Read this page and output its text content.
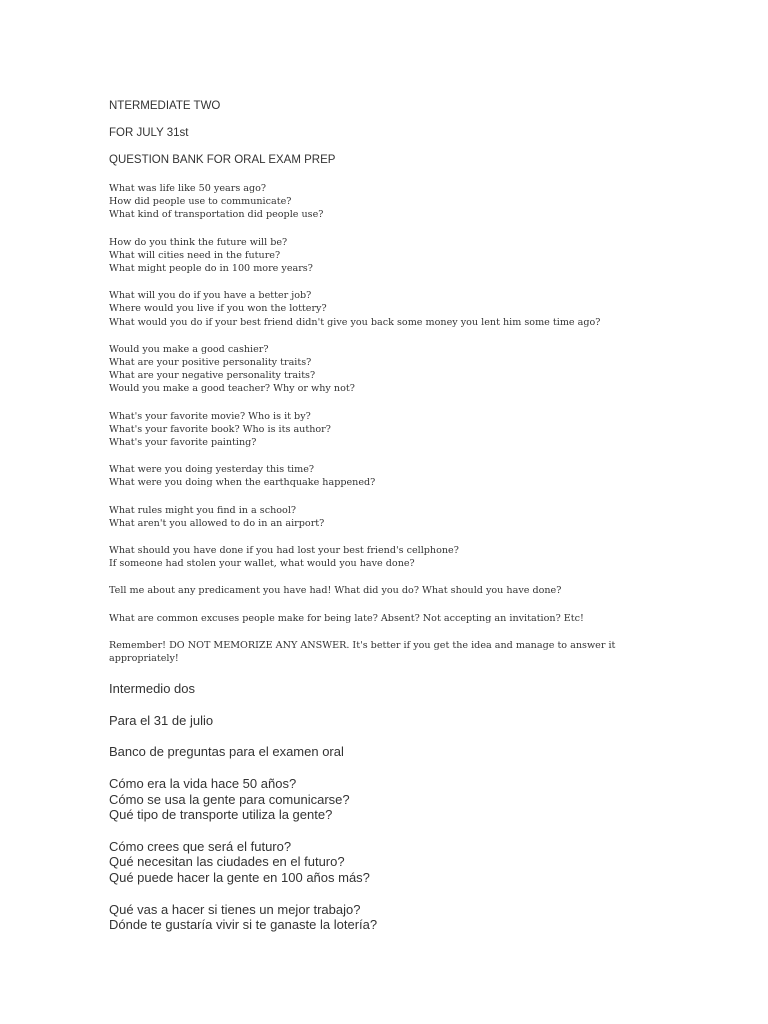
NTERMEDIATE TWO
FOR JULY 31st
QUESTION BANK FOR ORAL EXAM PREP
What was life like 50 years ago?
How did people use to communicate?
What kind of transportation did people use?
How do you think the future will be?
What will cities need in the future?
What might people do in 100 more years?
What will you do if you have a better job?
Where would you live if you won the lottery?
What would you do if your best friend didn't give you back some money you lent him some time ago?
Would you make a good cashier?
What are your positive personality traits?
What are your negative personality traits?
Would you make a good teacher? Why or why not?
What's your favorite movie? Who is it by?
What's your favorite book? Who is its author?
What's your favorite painting?
What were you doing yesterday this time?
What were you doing when the earthquake happened?
What rules might you find in a school?
What aren't you allowed to do in an airport?
What should you have done if you had lost your best friend's cellphone?
If someone had stolen your wallet, what would you have done?
Tell me about any predicament you have had! What did you do? What should you have done?
What are common excuses people make for being late? Absent? Not accepting an invitation? Etc!
Remember! DO NOT MEMORIZE ANY ANSWER. It's better if you get the idea and manage to answer it appropriately!
Intermedio dos
Para el 31 de julio
Banco de preguntas para el examen oral
Cómo era la vida hace 50 años?
Cómo se usa la gente para comunicarse?
Qué tipo de transporte utiliza la gente?
Cómo crees que será el futuro?
Qué necesitan las ciudades en el futuro?
Qué puede hacer la gente en 100 años más?
Qué vas a hacer si tienes un mejor trabajo?
Dónde te gustaría vivir si te ganaste la lotería?
